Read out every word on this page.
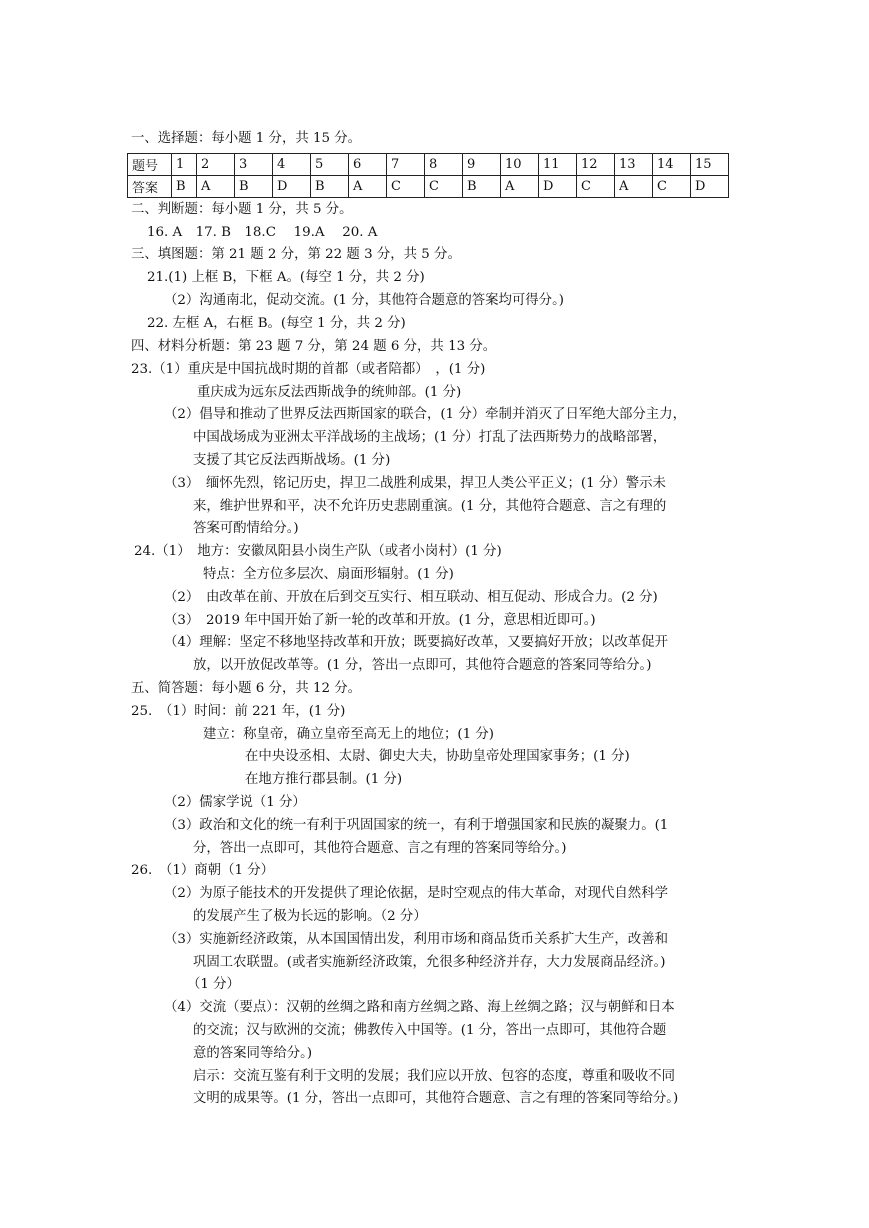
一、选择题：每小题 1 分，共 15 分。
题号	1	2	3	4	5	6	7	8	9	10	11	12	13	14	15
答案	B	A	B	D	B	A	C	C	B	A	D	C	A	C	D
二、判断题：每小题 1 分，共 5 分。
16. A　17. B　18.C　 19.A　 20. A
三、填图题：第 21 题 2 分，第 22 题 3 分，共 5 分。
21.(1) 上框 B，下框 A。(每空 1 分，共 2 分)
（2）沟通南北，促动交流。(1 分，其他符合题意的答案均可得分。)
22. 左框 A，右框 B。(每空 1 分，共 2 分)
四、材料分析题：第 23 题 7 分，第 24 题 6 分，共 13 分。
23.（1）重庆是中国抗战时期的首都（或者陪都）　，(1 分)
重庆成为远东反法西斯战争的统帅部。(1 分)
（2）倡导和推动了世界反法西斯国家的联合，(1 分）牵制并消灭了日军绝大部分主力，
中国战场成为亚洲太平洋战场的主战场；(1 分）打乱了法西斯势力的战略部署，
支援了其它反法西斯战场。(1 分)
（3）　缅怀先烈，铭记历史，捍卫二战胜利成果，捍卫人类公平正义；(1 分）警示未
来，维护世界和平，决不允许历史悲剧重演。(1 分，其他符合题意、言之有理的
答案可酌情给分。)
24.（1）　地方：安徽凤阳县小岗生产队（或者小岗村）(1 分)
特点：全方位多层次、扇面形辐射。(1 分)
（2）　由改革在前、开放在后到交互实行、相互联动、相互促动、形成合力。(2 分)
（3）　2019 年中国开始了新一轮的改革和开放。(1 分，意思相近即可。)
（4）理解：坚定不移地坚持改革和开放；既要搞好改革，又要搞好开放；以改革促开
放，以开放促改革等。(1 分，答出一点即可，其他符合题意的答案同等给分。)
五、简答题：每小题 6 分，共 12 分。
25.　（1）时间：前 221 年，(1 分)
建立：称皇帝，确立皇帝至高无上的地位；(1 分)
在中央设丞相、太尉、御史大夫，协助皇帝处理国家事务；(1 分)
在地方推行郡县制。(1 分)
（2）儒家学说（1 分）
（3）政治和文化的统一有利于巩固国家的统一，有利于增强国家和民族的凝聚力。(1
分，答出一点即可，其他符合题意、言之有理的答案同等给分。)
26.　（1）商朝（1 分）
（2）为原子能技术的开发提供了理论依据，是时空观点的伟大革命，对现代自然科学
的发展产生了极为长远的影响。（2 分）
（3）实施新经济政策，从本国国情出发，利用市场和商品货币关系扩大生产，改善和
巩固工农联盟。(或者实施新经济政策，允很多种经济并存，大力发展商品经济。)
（1 分）
（4）交流（要点）：汉朝的丝绸之路和南方丝绸之路、海上丝绸之路；汉与朝鲜和日本
的交流；汉与欧洲的交流；佛教传入中国等。(1 分，答出一点即可，其他符合题
意的答案同等给分。)
启示：交流互鉴有利于文明的发展；我们应以开放、包容的态度，尊重和吸收不同
文明的成果等。(1 分，答出一点即可，其他符合题意、言之有理的答案同等给分。)
